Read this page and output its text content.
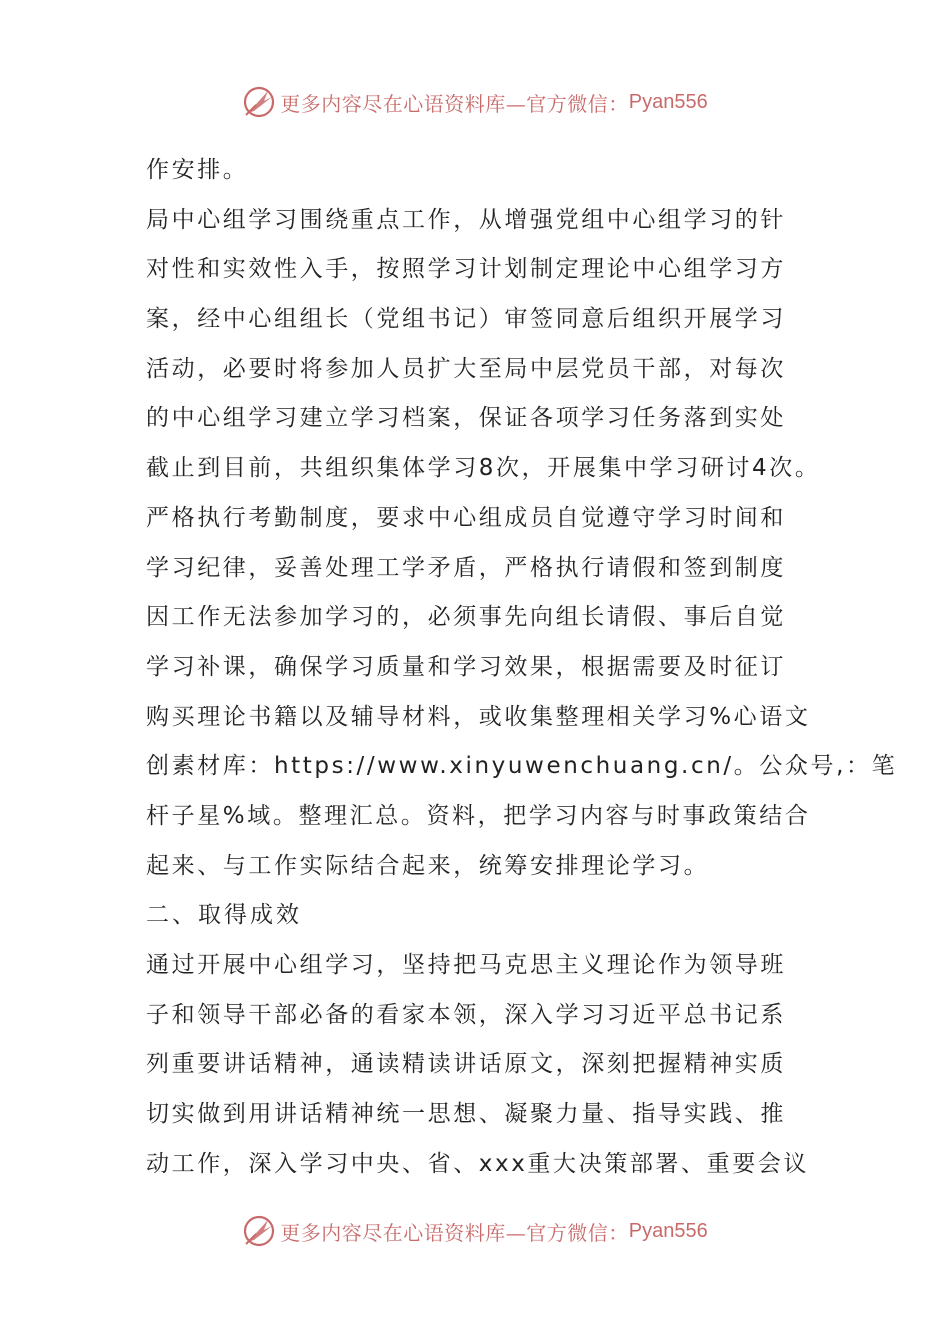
更多内容尽在心语资料库—官方微信： Pyan556
作安排。
局中心组学习围绕重点工作，从增强党组中心组学习的针
对性和实效性入手，按照学习计划制定理论中心组学习方
案，经中心组组长（党组书记）审签同意后组织开展学习
活动，必要时将参加人员扩大至局中层党员干部，对每次
的中心组学习建立学习档案，保证各项学习任务落到实处
截止到目前，共组织集体学习8次，开展集中学习研讨4次。
严格执行考勤制度，要求中心组成员自觉遵守学习时间和
学习纪律，妥善处理工学矛盾，严格执行请假和签到制度
因工作无法参加学习的，必须事先向组长请假、事后自觉
学习补课，确保学习质量和学习效果，根据需要及时征订
购买理论书籍以及辅导材料，或收集整理相关学习%心语文
创素材库：https://www.xinyuwenchuang.cn/。公众号,：笔
杆子星%域。整理汇总。资料，把学习内容与时事政策结合
起来、与工作实际结合起来，统筹安排理论学习。
二、取得成效
通过开展中心组学习，坚持把马克思主义理论作为领导班
子和领导干部必备的看家本领，深入学习习近平总书记系
列重要讲话精神，通读精读讲话原文，深刻把握精神实质
切实做到用讲话精神统一思想、凝聚力量、指导实践、推
动工作，深入学习中央、省、xxx重大决策部署、重要会议
更多内容尽在心语资料库—官方微信： Pyan556
